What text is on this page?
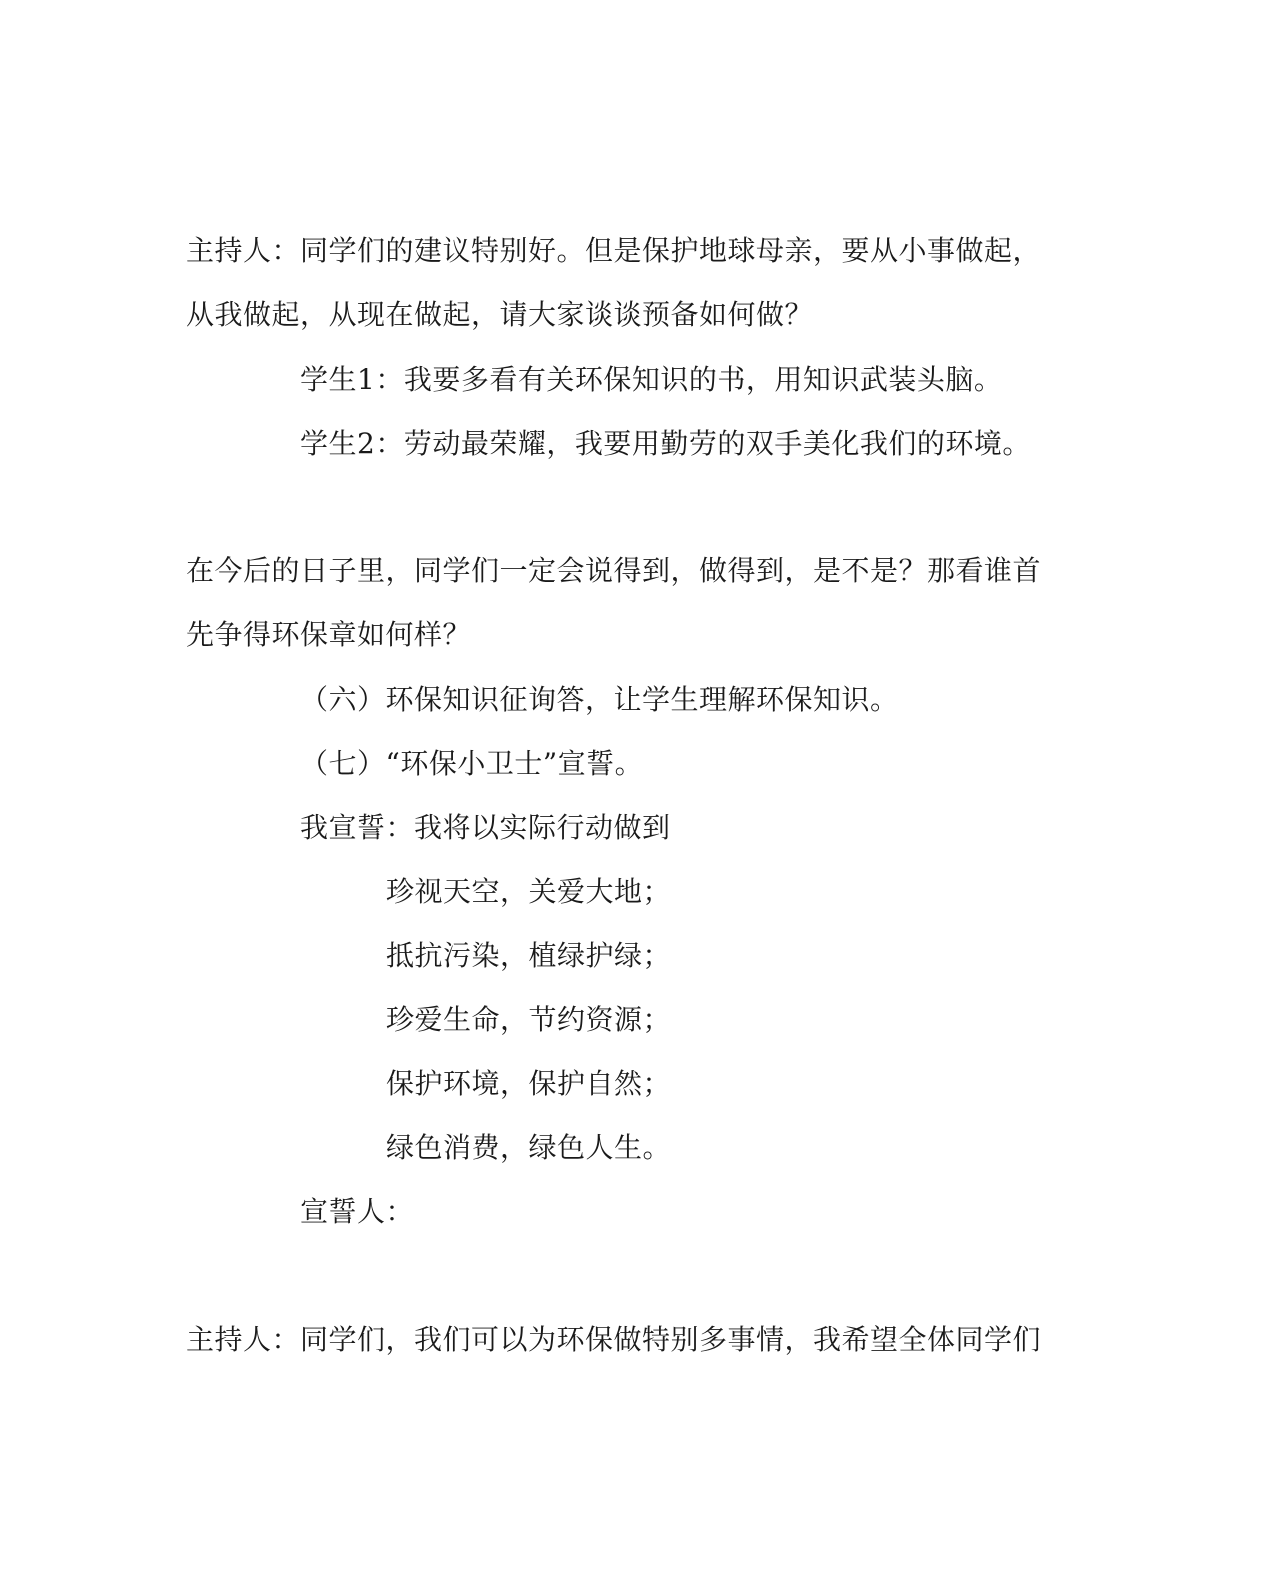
主持人：同学们的建议特别好。但是保护地球母亲，要从小事做起，
从我做起，从现在做起，请大家谈谈预备如何做？
学生1：我要多看有关环保知识的书，用知识武装头脑。
学生2：劳动最荣耀，我要用勤劳的双手美化我们的环境。
在今后的日子里，同学们一定会说得到，做得到，是不是？那看谁首
先争得环保章如何样？
（六）环保知识征询答，让学生理解环保知识。
（七）“环保小卫士”宣誓。
我宣誓：我将以实际行动做到
珍视天空，关爱大地；
抵抗污染，植绿护绿；
珍爱生命，节约资源；
保护环境，保护自然；
绿色消费，绿色人生。
宣誓人：
主持人：同学们，我们可以为环保做特别多事情，我希望全体同学们
